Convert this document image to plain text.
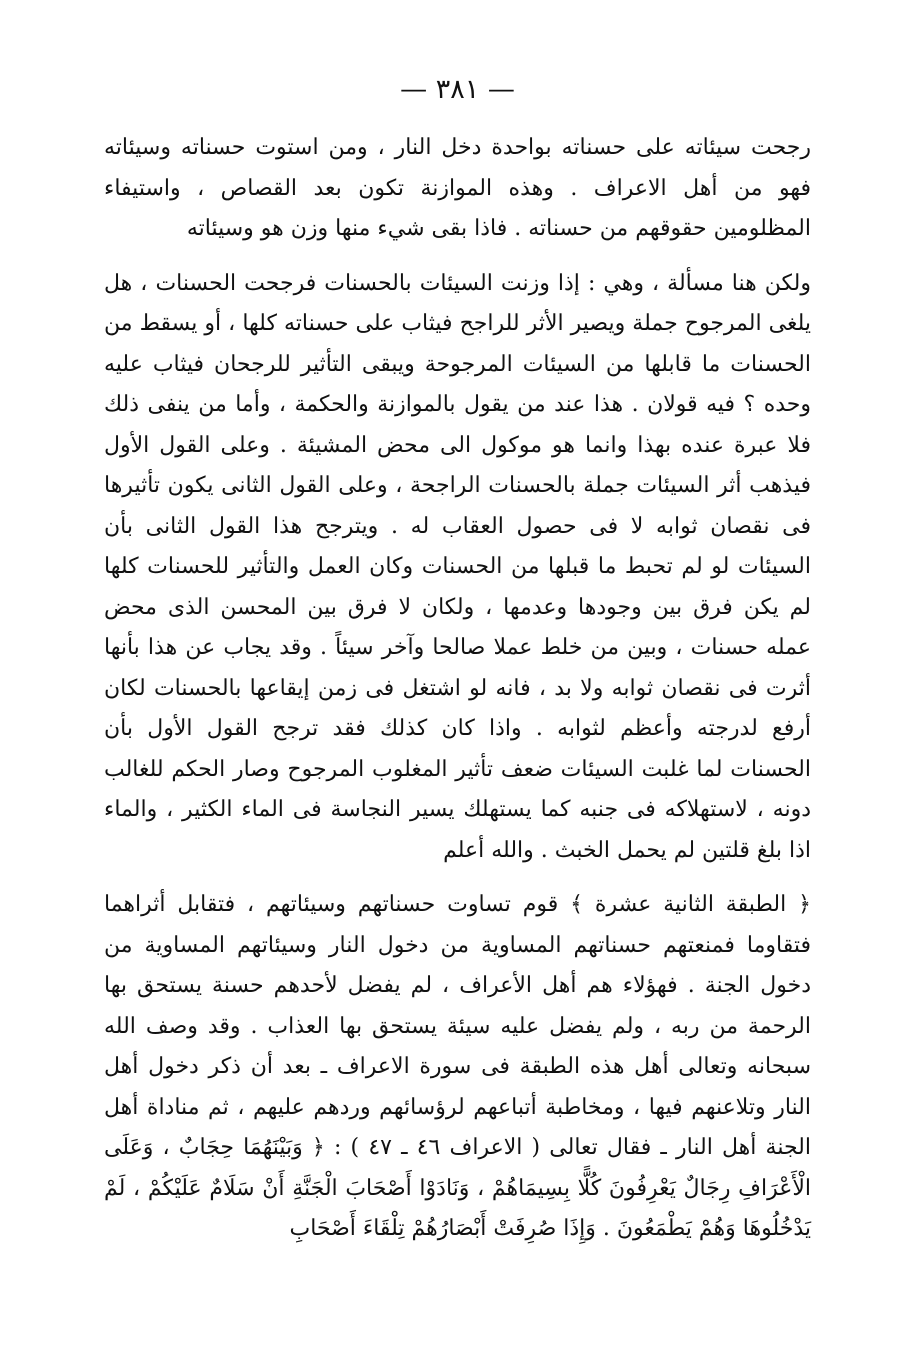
— ٣٨١ —

رجحت سيئاته على حسناته بواحدة دخل النار ، ومن استوت حسناته وسيئاته فهو من أهل الاعراف . وهذه الموازنة تكون بعد القصاص ، واستيفاء المظلومين حقوقهم من حسناته . فاذا بقى شيء منها وزن هو وسيئاته

ولكن هنا مسألة ، وهي : إذا وزنت السيئات بالحسنات فرجحت الحسنات ، هل يلغى المرجوح جملة ويصير الأثر للراجح فيثاب على حسناته كلها ، أو يسقط من الحسنات ما قابلها من السيئات المرجوحة ويبقى التأثير للرجحان فيثاب عليه وحده ؟ فيه قولان . هذا عند من يقول بالموازنة والحكمة ، وأما من ينفى ذلك فلا عبرة عنده بهذا وانما هو موكول الى محض المشيئة . وعلى القول الأول فيذهب أثر السيئات جملة بالحسنات الراجحة ، وعلى القول الثانى يكون تأثيرها فى نقصان ثوابه لا فى حصول العقاب له . ويترجح هذا القول الثانى بأن السيئات لو لم تحبط ما قبلها من الحسنات وكان العمل والتأثير للحسنات كلها لم يكن فرق بين وجودها وعدمها ، ولكان لا فرق بين المحسن الذى محض عمله حسنات ، وبين من خلط عملا صالحا وآخر سيئاً . وقد يجاب عن هذا بأنها أثرت فى نقصان ثوابه ولا بد ، فانه لو اشتغل فى زمن إيقاعها بالحسنات لكان أرفع لدرجته وأعظم لثوابه . واذا كان كذلك فقد ترجح القول الأول بأن الحسنات لما غلبت السيئات ضعف تأثير المغلوب المرجوح وصار الحكم للغالب دونه ، لاستهلاكه فى جنبه كما يستهلك يسير النجاسة فى الماء الكثير ، والماء اذا بلغ قلتين لم يحمل الخبث . والله أعلم

﴿ الطبقة الثانية عشرة ﴾ قوم تساوت حسناتهم وسيئاتهم ، فتقابل أثراهما فتقاوما فمنعتهم حسناتهم المساوية من دخول النار وسيئاتهم المساوية من دخول الجنة . فهؤلاء هم أهل الأعراف ، لم يفضل لأحدهم حسنة يستحق بها الرحمة من ربه ، ولم يفضل عليه سيئة يستحق بها العذاب . وقد وصف الله سبحانه وتعالى أهل هذه الطبقة فى سورة الاعراف ـ بعد أن ذكر دخول أهل النار وتلاعنهم فيها ، ومخاطبة أتباعهم لرؤسائهم وردهم عليهم ، ثم مناداة أهل الجنة أهل النار ـ فقال تعالى ( الاعراف ٤٦ ـ ٤٧ ) : ﴿ وَبَيْنَهُمَا حِجَابٌ ، وَعَلَى الْأَعْرَافِ رِجَالٌ يَعْرِفُونَ كُلًّا بِسِيمَاهُمْ ، وَنَادَوْا أَصْحَابَ الْجَنَّةِ أَنْ سَلَامٌ عَلَيْكُمْ ، لَمْ يَدْخُلُوهَا وَهُمْ يَطْمَعُونَ . وَإِذَا صُرِفَتْ أَبْصَارُهُمْ تِلْقَاءَ أَصْحَابِ
